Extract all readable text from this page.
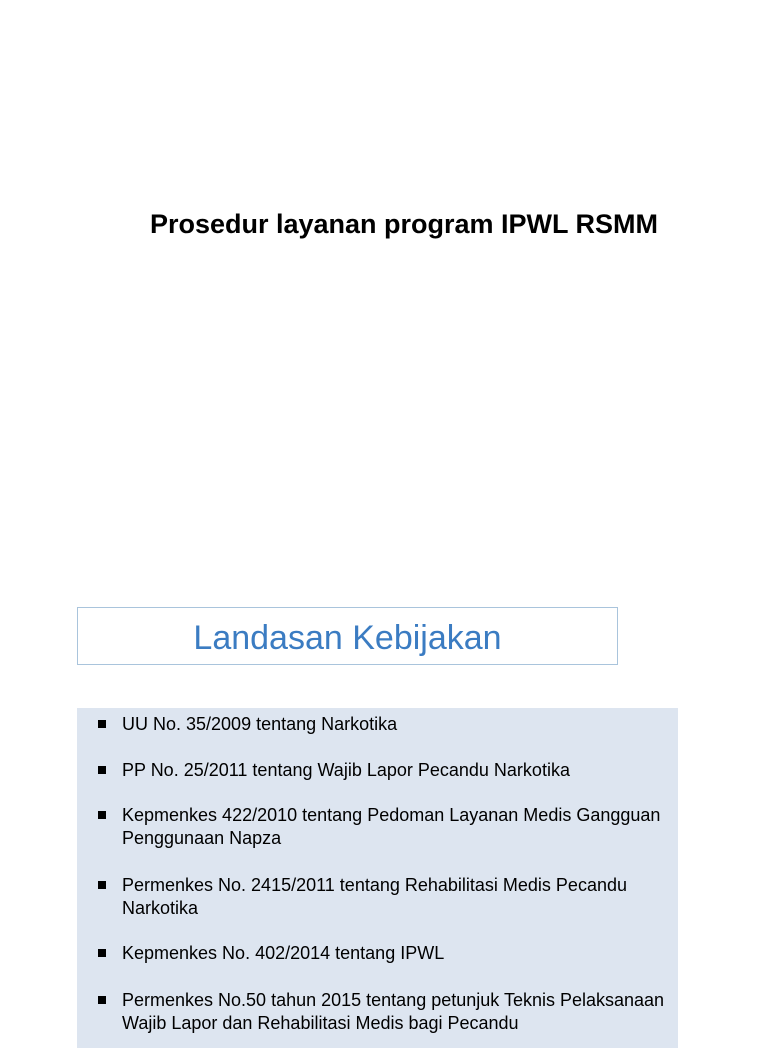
Prosedur layanan program IPWL RSMM
Landasan Kebijakan
UU No. 35/2009 tentang Narkotika
PP No. 25/2011 tentang Wajib Lapor Pecandu Narkotika
Kepmenkes 422/2010 tentang Pedoman Layanan Medis Gangguan Penggunaan Napza
Permenkes No. 2415/2011 tentang Rehabilitasi Medis Pecandu Narkotika
Kepmenkes No. 402/2014 tentang IPWL
Permenkes No.50 tahun 2015 tentang petunjuk Teknis Pelaksanaan Wajib Lapor dan Rehabilitasi Medis bagi Pecandu
